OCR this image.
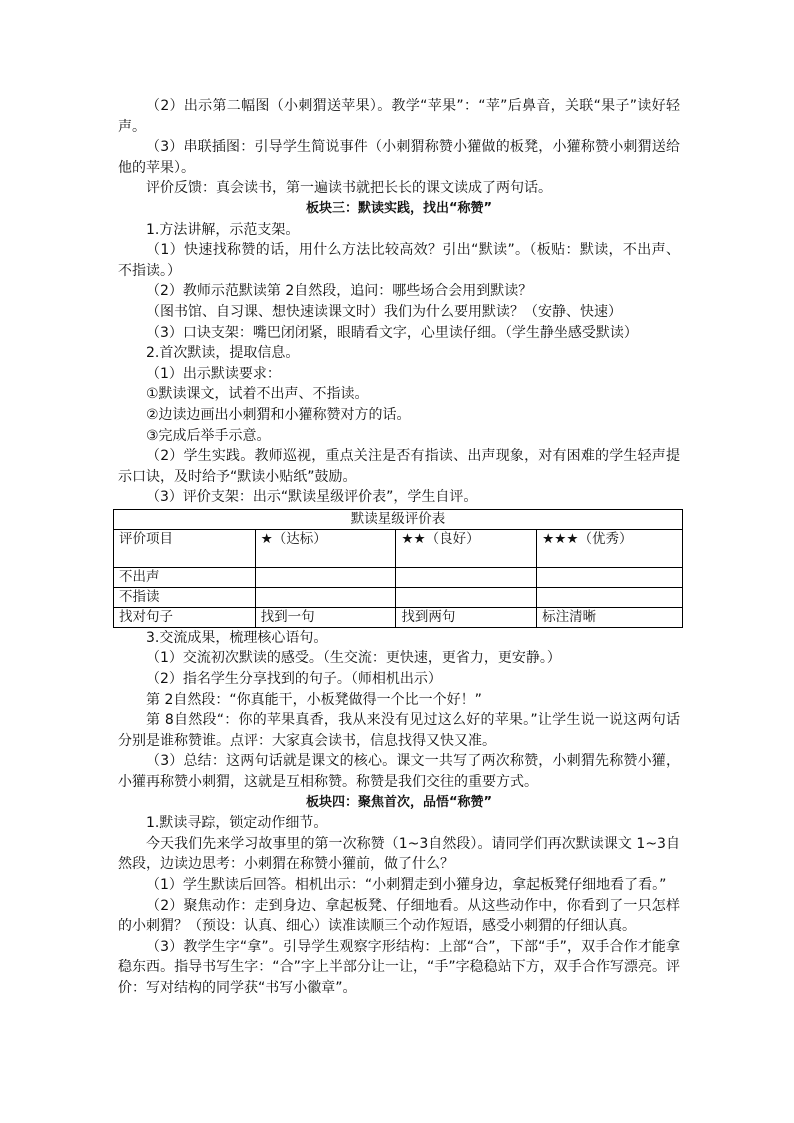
（2）出示第二幅图（小刺猬送苹果）。教学“苹果”：“苹”后鼻音，关联“果子”读好轻声。

（3）串联插图：引导学生简说事件（小刺猬称赞小獾做的板凳，小獾称赞小刺猬送给他的苹果）。

评价反馈：真会读书，第一遍读书就把长长的课文读成了两句话。

板块三：默读实践，找出“称赞”

1.方法讲解，示范支架。

（1）快速找称赞的话，用什么方法比较高效？引出“默读”。（板贴：默读，不出声、不指读。）

（2）教师示范默读第 2自然段，追问：哪些场合会用到默读？

（图书馆、自习课、想快速读课文时）我们为什么要用默读？（安静、快速）

（3）口诀支架：嘴巴闭闭紧，眼睛看文字，心里读仔细。（学生静坐感受默读）

2.首次默读，提取信息。

（1）出示默读要求：

①默读课文，试着不出声、不指读。

②边读边画出小刺猬和小獾称赞对方的话。

③完成后举手示意。

（2）学生实践。教师巡视，重点关注是否有指读、出声现象，对有困难的学生轻声提示口诀，及时给予“默读小贴纸”鼓励。

（3）评价支架：出示“默读星级评价表”，学生自评。

默读星级评价表			
评价项目	★（达标）	★★（良好）	★★★（优秀）
不出声			
不指读			
找对句子	找到一句	找到两句	标注清晰

3.交流成果，梳理核心语句。

（1）交流初次默读的感受。（生交流：更快速，更省力，更安静。）

（2）指名学生分享找到的句子。（师相机出示）

第 2自然段：“你真能干，小板凳做得一个比一个好！”

第 8自然段“：你的苹果真香，我从来没有见过这么好的苹果。”让学生说一说这两句话分别是谁称赞谁。点评：大家真会读书，信息找得又快又准。

（3）总结：这两句话就是课文的核心。课文一共写了两次称赞，小刺猬先称赞小獾，小獾再称赞小刺猬，这就是互相称赞。称赞是我们交往的重要方式。

板块四：聚焦首次，品悟“称赞”

1.默读寻踪，锁定动作细节。

今天我们先来学习故事里的第一次称赞（1~3自然段）。请同学们再次默读课文 1~3自然段，边读边思考：小刺猬在称赞小獾前，做了什么？

（1）学生默读后回答。相机出示：“小刺猬走到小獾身边，拿起板凳仔细地看了看。”

（2）聚焦动作：走到身边、拿起板凳、仔细地看。从这些动作中，你看到了一只怎样的小刺猬？（预设：认真、细心）读准读顺三个动作短语，感受小刺猬的仔细认真。

（3）教学生字“拿”。引导学生观察字形结构：上部“合”，下部“手”，双手合作才能拿稳东西。指导书写生字：“合”字上半部分让一让，“手”字稳稳站下方，双手合作写漂亮。评价：写对结构的同学获“书写小徽章”。
